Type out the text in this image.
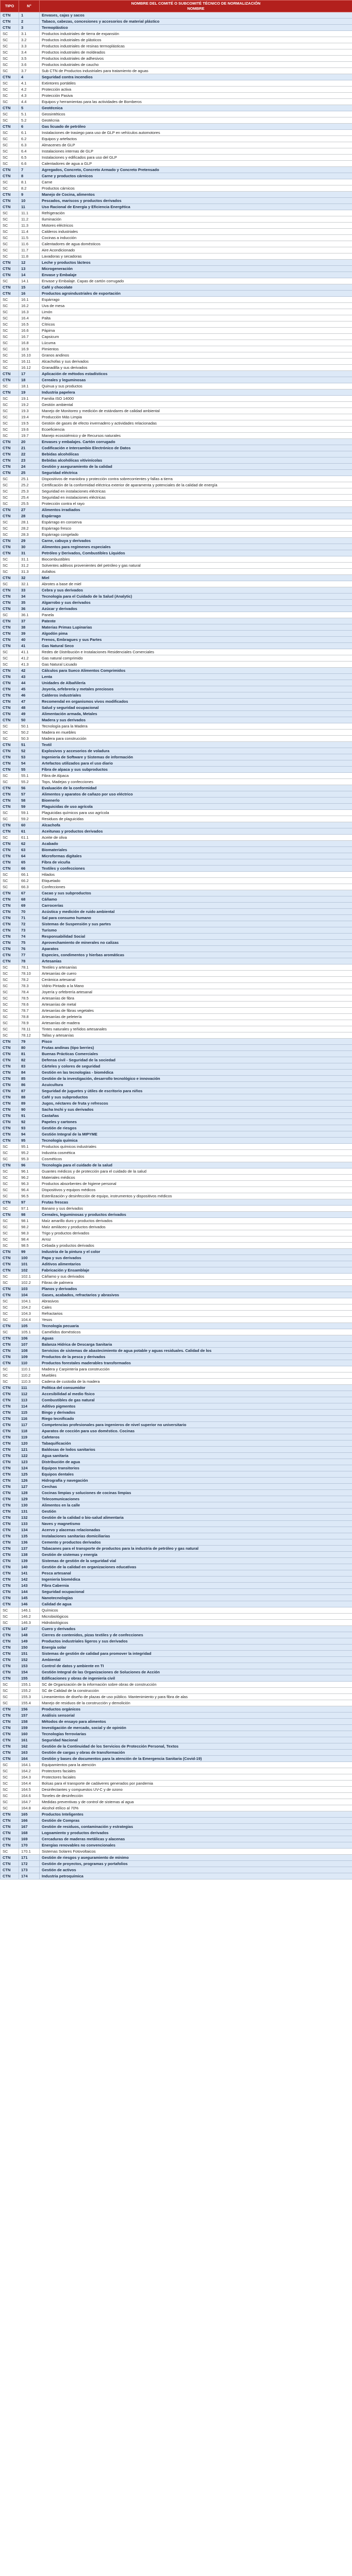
TIPO	N°	NOMBRE DEL COMITÉ O SUBCOMITÉ TÉCNICO DE NORMALIZACIÓN
NOMBRE
CTN	1	Envases, cajas y sacos
CTN	2	Tabaco, cabezas, concesiones y accesorios de material plástico
CTN	3	Termoplástico
SC	3.1	Productos industriales de tierra de expansión
SC	3.2	Productos industriales de plásticos
SC	3.3	Productos industriales de resinas termoplásticas
SC	3.4	Productos industriales de moldeados
SC	3.5	Productos industriales de adhesivos
SC	3.6	Productos industriales de caucho
SC	3.7	Sub CTN de Productos industriales para tratamiento de aguas
CTN	4	Seguridad contra incendios
SC	4.1	Extintores portátiles
SC	4.2	Protección activa
SC	4.3	Protección Pasiva
SC	4.4	Equipos y herramientas para las actividades de Bomberos
CTN	5	Geotécnica
SC	5.1	Geosintéticos
SC	5.2	Geotécnia
CTN	6	Gas licuado de petróleo
SC	6.1	Instalaciones de trasiego para uso de GLP en vehículos automotores
SC	6.2	Equipos y artefactos
SC	6.3	Almacenes de GLP
SC	6.4	Instalaciones internas de GLP
SC	6.5	Instalaciones y edificados para uso del GLP
SC	6.6	Calentadores de agua a GLP
CTN	7	Agregados, Concreto, Concreto Armado y Concreto Pretensado
CTN	8	Carne y productos cárnicos
SC	8.1	Carne
SC	8.2	Productos cárnicos
CTN	9	Manejo de Cocina, alimentos
CTN	10	Pescados, mariscos y productos derivados
CTN	11	Uso Racional de Energía y Eficiencia Energética
SC	11.1	Refrigeración
SC	11.2	Iluminación
SC	11.3	Motores eléctricos
SC	11.4	Calderos industriales
SC	11.5	Cocinas a inducción
SC	11.6	Calentadores de agua domésticos
SC	11.7	Aire Acondicionado
SC	11.8	Lavadoras y secadoras
CTN	12	Leche y productos lácteos
CTN	13	Microgeneración
CTN	14	Envase y Embalaje
SC	14.1	Envase y Embalaje. Capas de cartón corrugado
CTN	15	Café y chocolate
CTN	16	Productos agroindustriales de exportación
SC	16.1	Espárrago
SC	16.2	Uva de mesa
SC	16.3	Limón
SC	16.4	Palta
SC	16.5	Cítricos
SC	16.6	Pápima
SC	16.7	Capsicum
SC	16.8	Lúcuma
SC	16.9	Pimientos
SC	16.10	Granos andinos
SC	16.11	Alcachofas y sus derivados
SC	16.12	Granadilla y sus derivados
CTN	17	Aplicación de métodos estadísticos
CTN	18	Cereales y leguminosas
SC	18.1	Quinua y sus productos
CTN	19	Industria papelera
SC	19.1	Familia ISO 14000
SC	19.2	Gestión ambiental
SC	19.3	Manejo de Monitoreo y medición de estándares de calidad ambiental
SC	19.4	Producción Más Limpia
SC	19.5	Gestión de gases de efecto invernadero y actividades relacionadas
SC	19.6	Ecoeficiencia
SC	19.7	Manejo ecosistémico y de Recursos naturales
CTN	20	Envases y embalajes. Cartón corrugado
CTN	21	Codificación e Intercambio Electrónico de Datos
CTN	22	Bebidas alcohólicas
CTN	23	Bebidas alcohólicas vitivinícolas
CTN	24	Gestión y aseguramiento de la calidad
CTN	25	Seguridad eléctrica
SC	25.1	Dispositivos de maniobra y protección contra sobrecorrientes y fallas a tierra
SC	25.2	Certificación de la conformidad eléctrica exterior de aparamenta y potenciales de la calidad de energía
SC	25.3	Seguridad en instalaciones eléctricas
SC	25.4	Seguridad en instalaciones eléctricas
SC	25.5	Protección contra el rayo
CTN	27	Alimentos irradiados
CTN	28	Espárrago
SC	28.1	Espárrago en conserva
SC	28.2	Espárrago fresco
SC	28.3	Espárrago congelado
CTN	29	Carne, cabuya y derivados
CTN	30	Alimentos para regímenes especiales
CTN	31	Petróleo y Derivados, Combustibles Líquidos
SC	31.1	Biocombustibles
SC	31.2	Solventes aditivos provenientes del petróleo y gas natural
SC	31.3	Asfaltos
CTN	32	Miel
SC	32.1	Abrotes a base de miel
CTN	33	Cebra y sus derivados
CTN	34	Tecnología para el Cuidado de la Salud (Analytic)
CTN	35	Algarrobo y sus derivados
CTN	36	Azúcar y derivados
SC	36.1	Panela
CTN	37	Patente
CTN	38	Materias Primas Lupinarias
CTN	39	Algodón pima
CTN	40	Frenos, Embragues y sus Partes
CTN	41	Gas Natural Seco
SC	41.1	Redes de Distribución e Instalaciones Residenciales Comerciales
SC	41.2	Gas natural comprimido
SC	41.3	Gas Natural Licuado
CTN	42	Cálculos para Sueco Alimentos Comprimidos
CTN	43	Lenta
CTN	44	Unidades de Albañilería
CTN	45	Joyería, orfebrería y metales preciosos
CTN	46	Calderos industriales
CTN	47	Recomendal en organismos vivos modificados
CTN	48	Salud y seguridad ocupacional
CTN	49	Alimentación armada, Metales
CTN	50	Madera y sus derivados
SC	50.1	Tecnología para la Madera
SC	50.2	Madera en muebles
SC	50.3	Madera para construcción
CTN	51	Textil
CTN	52	Explosivos y accesorios de voladura
CTN	53	Ingeniería de Software y Sistemas de información
CTN	54	Artefactos utilizados para el uso diario
CTN	55	Fibra de alpaca y sus subproductos
SC	55.1	Fibra de Alpaca
SC	55.2	Tops, Madejas y confecciones
CTN	56	Evaluación de la conformidad
CTN	57	Alimentos y aparatos de cañazo por uso eléctrico
CTN	58	Bioenerlo
CTN	59	Plaguicidas de uso agrícola
SC	59.1	Plaguicidas químicos para uso agrícola
SC	59.2	Residuos de plaguicidas
CTN	60	Alcachofa
CTN	61	Aceitunas y productos derivados
SC	61.1	Aceite de oliva
CTN	62	Acabado
CTN	63	Biomateriales
CTN	64	Microformas digitales
CTN	65	Fibra de vicuña
CTN	66	Textiles y confecciones
SC	66.1	Hilados
SC	66.2	Etiquetado
SC	66.3	Confecciones
CTN	67	Cacao y sus subproductos
CTN	68	Cáñamo
CTN	69	Carrocerías
CTN	70	Acústica y medición de ruido ambiental
CTN	71	Sal para consumo humano
CTN	72	Sistemas de Suspensión y sus partes
CTN	73	Turismo
CTN	74	Responsabilidad Social
CTN	75	Aprovechamiento de minerales no calizas
CTN	76	Aparatos
CTN	77	Especies, condimentos y hierbas aromáticas
CTN	78	Artesanías
SC	78.1	Textiles y artesanías
SC	78.10	Artesanías de cuero
SC	78.2	Cerámica artesanal
SC	78.3	Vidrio Pintado a la Mano
SC	78.4	Joyería y orfebrería artesanal
SC	78.5	Artesanías de fibra
SC	78.6	Artesanías de metal
SC	78.7	Artesanías de fibras vegetales
SC	78.8	Artesanías de peletería
SC	78.9	Artesanías de madera
SC	78.11	Tintes naturales y teñidos artesanales
SC	78.12	Tallas y artesanías
CTN	79	Pisco
CTN	80	Frutas andinas (tipo berries)
CTN	81	Buenas Prácticas Comerciales
CTN	82	Defensa civil - Seguridad de la sociedad
CTN	83	Cárteles y colores de seguridad
CTN	84	Gestión en las tecnologías - biomédica
CTN	85	Gestión de la investigación, desarrollo tecnológico e innovación
CTN	86	Acuicultura
CTN	87	Seguridad de juguetes y útiles de escritorio para niños
CTN	88	Café y sus subproductos
CTN	89	Jugos, néctares de fruta y refrescos
CTN	90	Sacha Inchi y sus derivados
CTN	91	Castañas
CTN	92	Papeles y cartones
CTN	93	Gestión de riesgos
CTN	94	Gestión Integral de la MIPYME
CTN	95	Tecnología química
SC	95.1	Productos químicos industriales
SC	95.2	Industria cosmética
SC	95.3	Cosméticos
CTN	96	Tecnología para el cuidado de la salud
SC	96.1	Guantes médicos y de protección para el cuidado de la salud
SC	96.2	Materiales médicos
SC	96.3	Productos absorbentes de higiene personal
SC	96.4	Dispositivos y equipos médicos
SC	96.5	Esterilización y desinfección de equipo, instrumentos y dispositivos médicos
CTN	97	Frutas frescas
SC	97.1	Banano y sus derivados
CTN	98	Cereales, leguminosas y productos derivados
SC	98.1	Maíz amarillo duro y productos derivados
SC	98.2	Maíz amiláceo y productos derivados
SC	98.3	Trigo y productos derivados
SC	98.4	Arroz
SC	98.5	Cebada y productos derivados
CTN	99	Industria de la pintura y el color
CTN	100	Papa y sus derivados
CTN	101	Aditivos alimentarios
CTN	102	Fabricación y Ensamblaje
SC	102.1	Cáñamo y sus derivados
SC	102.2	Fibras de palmera
CTN	103	Planos y derivados
CTN	104	Gases, acabados, refractarios y abrasivos
SC	104.1	Abrasivos
SC	104.2	Cales
SC	104.3	Refractarios
SC	104.4	Yesos
CTN	105	Tecnología pecuaria
SC	105.1	Camélidos domésticos
CTN	106	Aguas
CTN	107	Balanza Hídrica de Descarga Sanitaria
CTN	108	Servicios de sistemas de abastecimiento de agua potable y aguas residuales. Calidad de los
CTN	109	Productos de la pesca y derivados
CTN	110	Productos forestales maderables transformados
SC	110.1	Madera y Carpintería para construcción
SC	110.2	Muebles
SC	110.3	Cadena de custodia de la madera
CTN	111	Política del consumidor
CTN	112	Accesibilidad al medio físico
CTN	113	Combustibles de gas natural
CTN	114	Aditivo pigmentos
CTN	115	Bingo y derivados
CTN	116	Riego tecnificado
CTN	117	Competencias profesionales para ingenieros de nivel superior no universitario
CTN	118	Aparatos de cocción para uso doméstico. Cocinas
CTN	119	Cafeteros
CTN	120	Tabaquificación
CTN	121	Baldosas de lodos sanitarios
CTN	122	Agua sanitaria
CTN	123	Distribución de agua
CTN	124	Equipos transitorios
CTN	125	Equipos dentales
CTN	126	Hidrografía y navegación
CTN	127	Cerchas
CTN	128	Cocinas limpias y soluciones de cocinas limpias
CTN	129	Telecomunicaciones
CTN	130	Alimentos en la calle
CTN	131	Gestión
CTN	132	Gestión de la calidad o bio-salud alimentaria
CTN	133	Naves y magnetismo
CTN	134	Acervo y alacenas relacionadas
CTN	135	Instalaciones sanitarias domiciliarias
CTN	136	Cemento y productos derivados
CTN	137	Tabacanes para el transporte de productos para la industria de petróleo y gas natural
CTN	138	Gestión de sistemas y energía
CTN	139	Sistemas de gestión de la seguridad vial
CTN	140	Gestión de la calidad en organizaciones educativas
CTN	141	Pesca artesanal
CTN	142	Ingeniería biomédica
CTN	143	Fibra Cabernia
CTN	144	Seguridad ocupacional
CTN	145	Nanotecnologías
CTN	146	Calidad de agua
SC	146.1	Químicos
SC	146.2	Microbiológicos
SC	146.3	Hidrobiológicos
CTN	147	Cuero y derivados
CTN	148	Cierres de contenidos, pizas textiles y de confecciones
CTN	149	Productos industriales ligeros y sus derivados
CTN	150	Energía solar
CTN	151	Sistemas de gestión de calidad para promover la integridad
CTN	152	Ambiental
CTN	153	Control de datos y ambiente en TI
CTN	154	Gestión Integral de las Organizaciones de Soluciones de Acción
CTN	155	Edificaciones y obras de ingeniería civil
SC	155.1	SC de Organización de la información sobre obras de construcción
SC	155.2	SC de Calidad de la construcción
SC	155.3	Lineamientos de diseño de plazas de uso público. Mantenimiento y para fibra de alas
SC	155.4	Manejo de residuos de la construcción y demolición
CTN	156	Productos orgánicos
CTN	157	Análisis sensorial
CTN	158	Métodos de ensayo para alimentos
CTN	159	Investigación de mercado, social y de opinión
CTN	160	Tecnologías ferroviarias
CTN	161	Seguridad Nacional
CTN	162	Gestión de la Continuidad de los Servicios de Protección Personal, Textos
CTN	163	Gestión de cargas y obras de transformación
CTN	164	Gestión y bases de documentos para la atención de la Emergencia Sanitaria (Covid-19)
SC	164.1	Equipamientos para la atención
SC	164.2	Protectores faciales
SC	164.3	Protectores faciales
SC	164.4	Bolsas para el transporte de cadáveres generados por pandemia
SC	164.5	Desinfectantes y compuestos UV-C y de ozono
SC	164.6	Toneles de desinfección
SC	164.7	Medidas preventivas y de control de sistemas al agua
SC	164.8	Alcohol etílico al 70%
CTN	165	Productos Inteligentes
CTN	166	Gestión de Compras
CTN	167	Gestión de residuos, contaminación y estrategias
CTN	168	Logoamiento y productos derivados
CTN	169	Cercaduras de maderas metálicas y alacenas
CTN	170	Energías renovables no convencionales
SC	170.1	Sistemas Solares Fotovoltaicos
CTN	171	Gestión de riesgos y aseguramiento de mínimo
CTN	172	Gestión de proyectos, programas y portafolios
CTN	173	Gestión de activos
CTN	174	Industria petroquímica
